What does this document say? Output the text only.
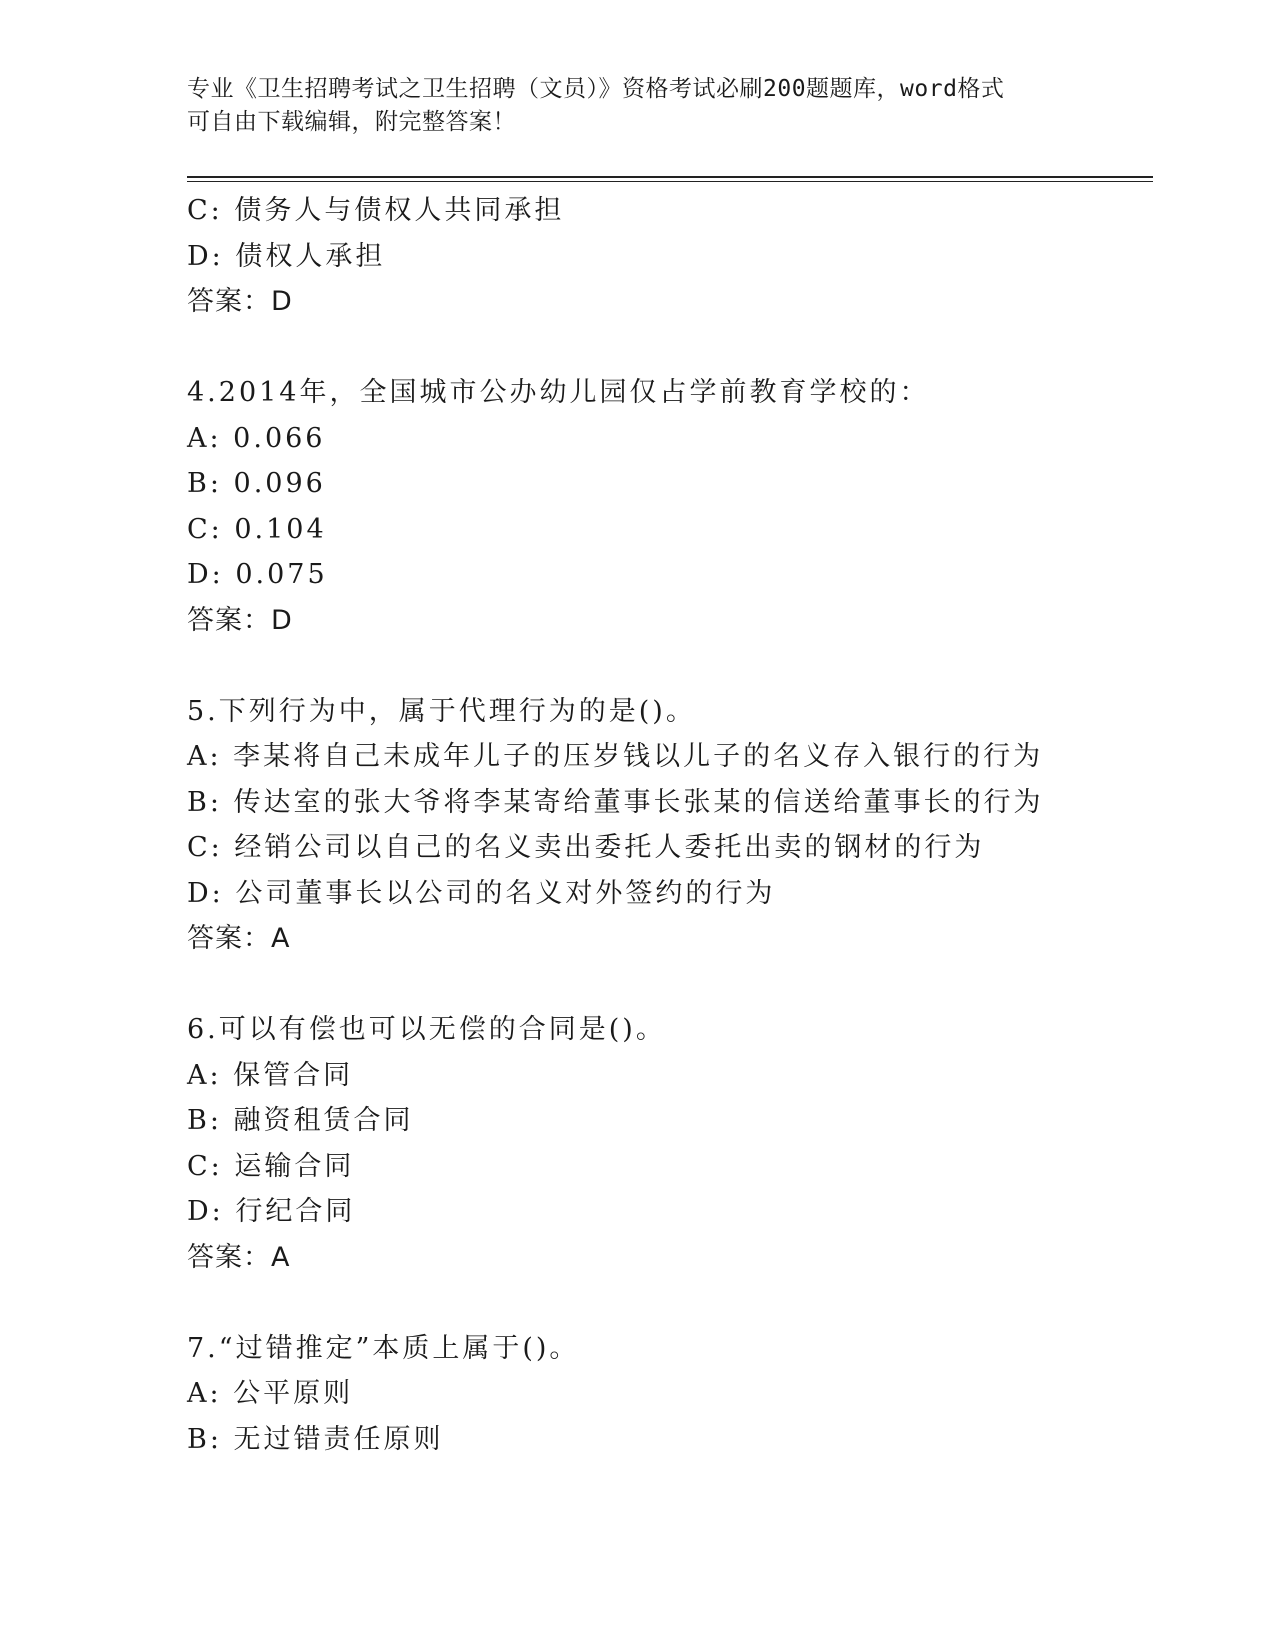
专业《卫生招聘考试之卫生招聘（文员）》资格考试必刷200题题库，word格式
可自由下载编辑，附完整答案！
C: 债务人与债权人共同承担
D: 债权人承担
答案：D
4.2014年，全国城市公办幼儿园仅占学前教育学校的：
A: 0.066
B: 0.096
C: 0.104
D: 0.075
答案：D
5.下列行为中，属于代理行为的是()。
A: 李某将自己未成年儿子的压岁钱以儿子的名义存入银行的行为
B: 传达室的张大爷将李某寄给董事长张某的信送给董事长的行为
C: 经销公司以自己的名义卖出委托人委托出卖的钢材的行为
D: 公司董事长以公司的名义对外签约的行为
答案：A
6.可以有偿也可以无偿的合同是()。
A: 保管合同
B: 融资租赁合同
C: 运输合同
D: 行纪合同
答案：A
7.“过错推定”本质上属于()。
A: 公平原则
B: 无过错责任原则
